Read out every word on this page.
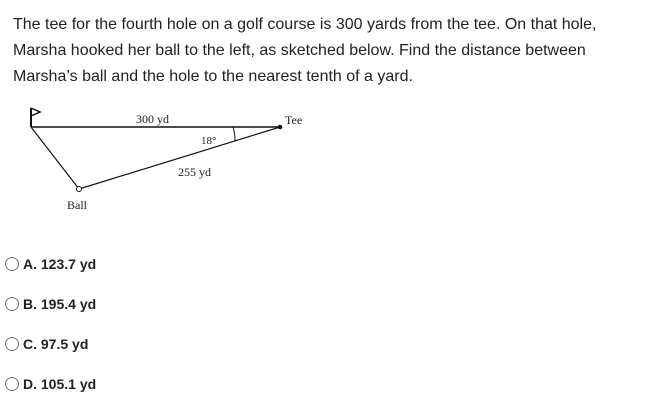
The tee for the fourth hole on a golf course is 300 yards from the tee. On that hole, Marsha hooked her ball to the left, as sketched below. Find the distance between Marsha’s ball and the hole to the nearest tenth of a yard.

300 yd	Tee
18°
255 yd
Ball
A. 123.7 yd
B. 195.4 yd
C. 97.5 yd
D. 105.1 yd
